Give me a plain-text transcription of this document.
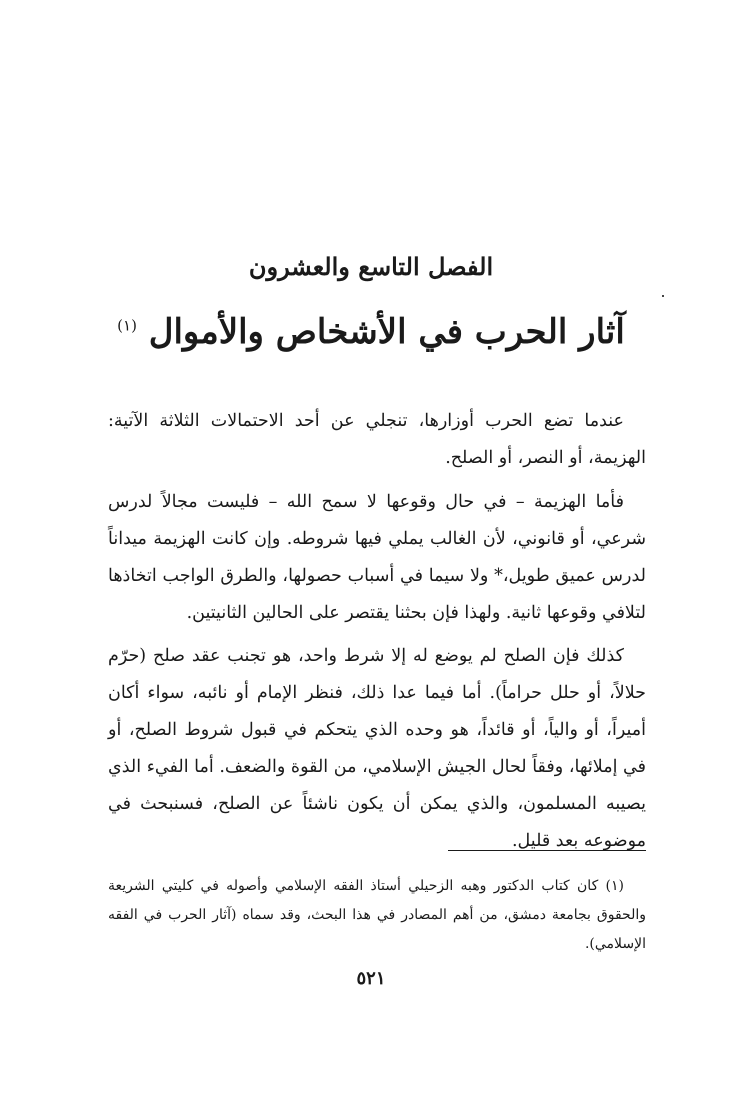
الفصل التاسع والعشرون
آثار الحرب في الأشخاص والأموال $^{(١)}$

عندما تضع الحرب أوزارها، تنجلي عن أحد الاحتمالات الثلاثة الآتية: الهزيمة، أو النصر، أو الصلح.

فأما الهزيمة – في حال وقوعها لا سمح الله – فليست مجالاً لدرس شرعي، أو قانوني، لأن الغالب يملي فيها شروطه. وإن كانت الهزيمة ميداناً لدرس عميق طويل،* ولا سيما في أسباب حصولها، والطرق الواجب اتخاذها لتلافي وقوعها ثانية. ولهذا فإن بحثنا يقتصر على الحالين الثانيتين.

كذلك فإن الصلح لم يوضع له إلا شرط واحد، هو تجنب عقد صلح (حرّم حلالاً، أو حلل حراماً). أما فيما عدا ذلك، فنظر الإمام أو نائبه، سواء أكان أميراً، أو والياً، أو قائداً، هو وحده الذي يتحكم في قبول شروط الصلح، أو في إملائها، وفقاً لحال الجيش الإسلامي، من القوة والضعف. أما الفيء الذي يصيبه المسلمون، والذي يمكن أن يكون ناشئاً عن الصلح، فسنبحث في موضوعه بعد قليل.

(١) كان كتاب الدكتور وهبه الزحيلي أستاذ الفقه الإسلامي وأصوله في كليتي الشريعة والحقوق بجامعة دمشق، من أهم المصادر في هذا البحث، وقد سماه (آثار الحرب في الفقه الإسلامي).

٥٢١
